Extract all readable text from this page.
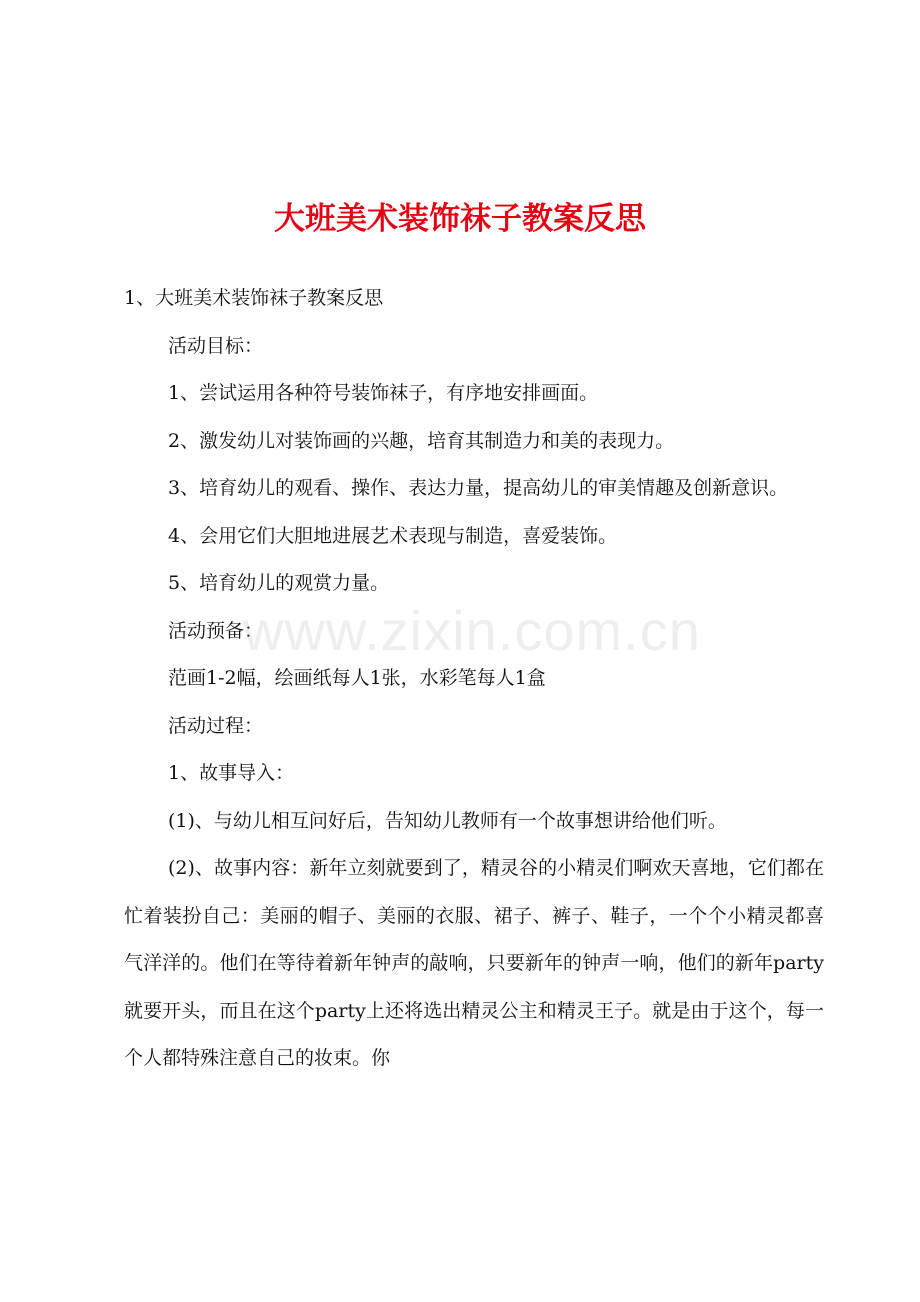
大班美术装饰袜子教案反思

1、大班美术装饰袜子教案反思

活动目标：

1、尝试运用各种符号装饰袜子，有序地安排画面。

2、激发幼儿对装饰画的兴趣，培育其制造力和美的表现力。

3、培育幼儿的观看、操作、表达力量，提高幼儿的审美情趣及创新意识。

4、会用它们大胆地进展艺术表现与制造，喜爱装饰。

5、培育幼儿的观赏力量。

活动预备：

范画1-2幅，绘画纸每人1张，水彩笔每人1盒

活动过程：

1、故事导入：

(1)、与幼儿相互问好后，告知幼儿教师有一个故事想讲给他们听。

(2)、故事内容：新年立刻就要到了，精灵谷的小精灵们啊欢天喜地，它们都在忙着装扮自己：美丽的帽子、美丽的衣服、裙子、裤子、鞋子，一个个小精灵都喜气洋洋的。他们在等待着新年钟声的敲响，只要新年的钟声一响，他们的新年party就要开头，而且在这个party上还将选出精灵公主和精灵王子。就是由于这个，每一个人都特殊注意自己的妆束。你

www.zixin.com.cn
